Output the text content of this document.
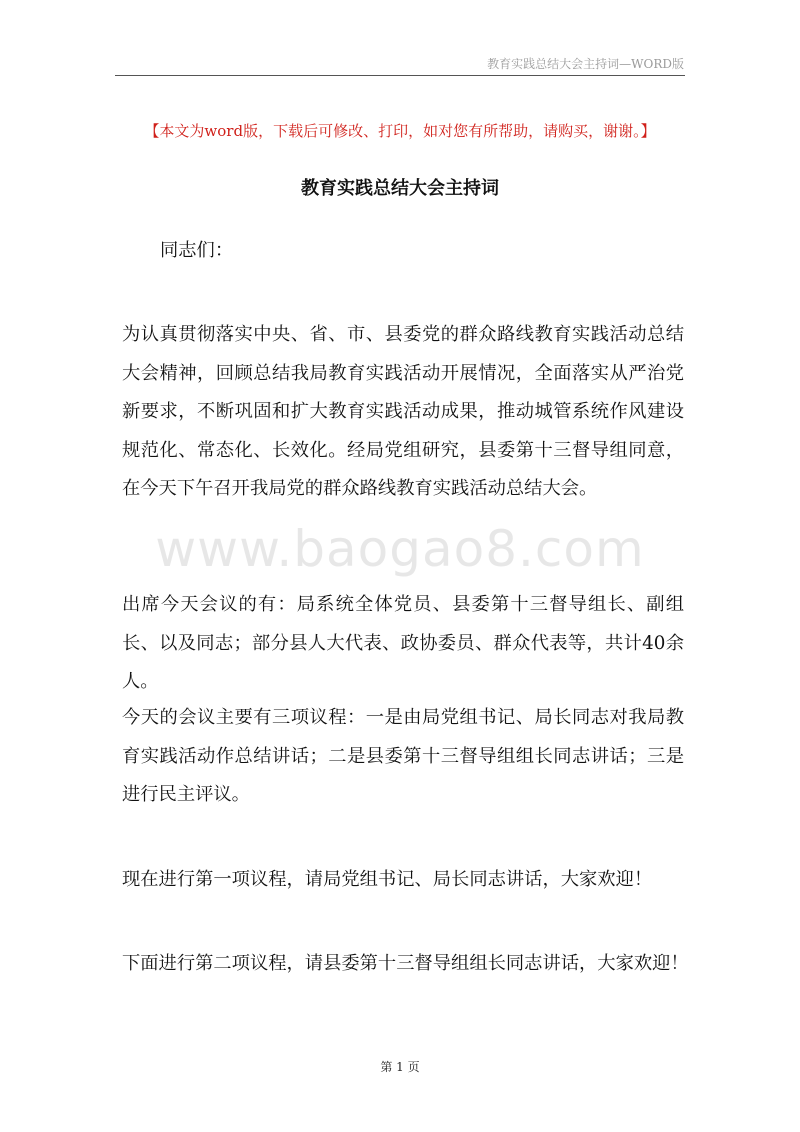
教育实践总结大会主持词—WORD版
【本文为word版，下载后可修改、打印，如对您有所帮助，请购买，谢谢。】
教育实践总结大会主持词

同志们：

为认真贯彻落实中央、省、市、县委党的群众路线教育实践活动总结大会精神，回顾总结我局教育实践活动开展情况，全面落实从严治党新要求，不断巩固和扩大教育实践活动成果，推动城管系统作风建设规范化、常态化、长效化。经局党组研究，县委第十三督导组同意，在今天下午召开我局党的群众路线教育实践活动总结大会。

www.baogao8.com

出席今天会议的有：局系统全体党员、县委第十三督导组长、副组长、以及同志；部分县人大代表、政协委员、群众代表等，共计40余人。

今天的会议主要有三项议程：一是由局党组书记、局长同志对我局教育实践活动作总结讲话；二是县委第十三督导组组长同志讲话；三是进行民主评议。

现在进行第一项议程，请局党组书记、局长同志讲话，大家欢迎！

下面进行第二项议程，请县委第十三督导组组长同志讲话，大家欢迎！

第 1 页
